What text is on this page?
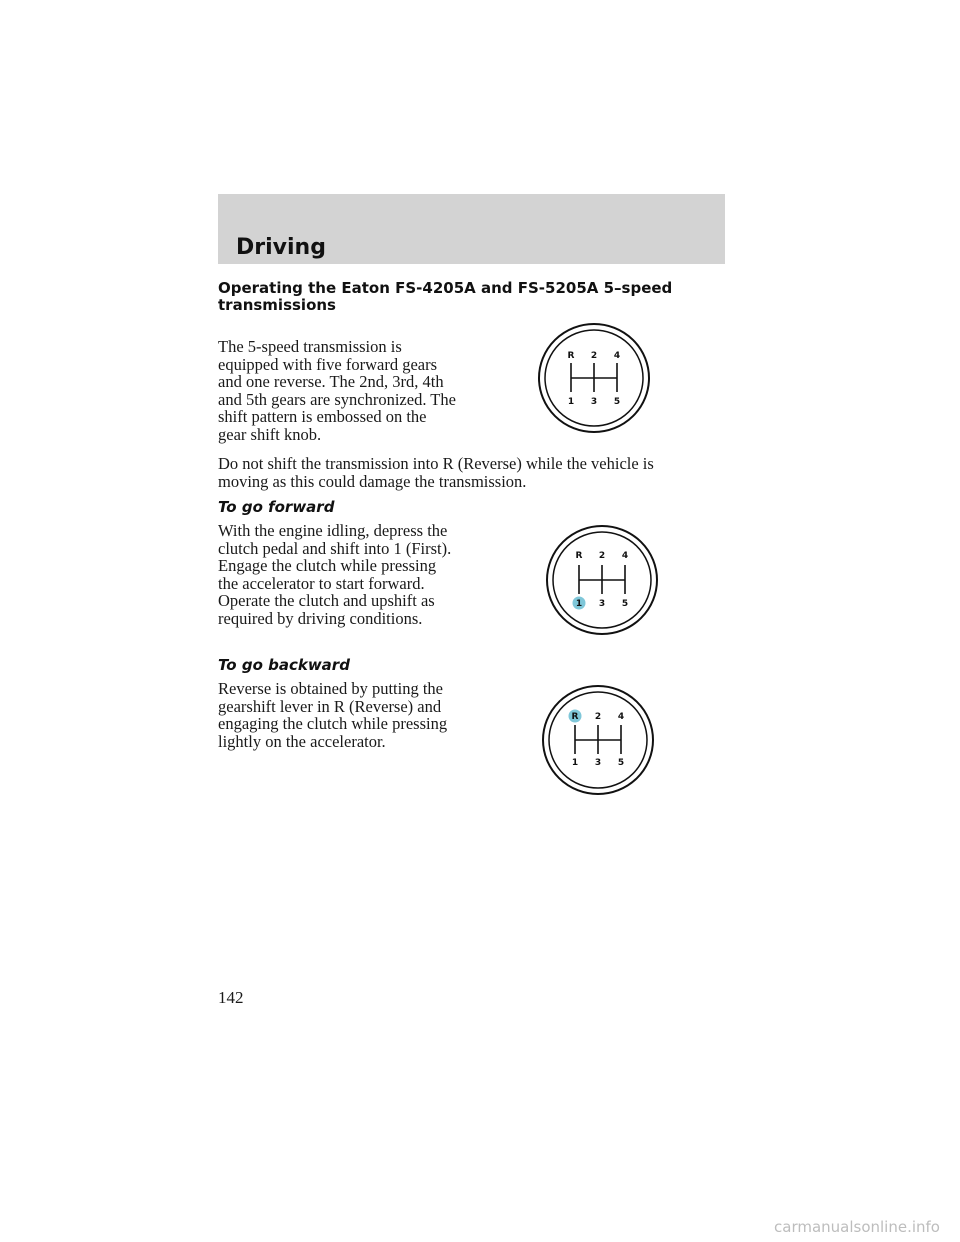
Driving
Operating the Eaton FS-4205A and FS-5205A 5–speed
transmissions
The 5-speed transmission is
equipped with five forward gears
and one reverse. The 2nd, 3rd, 4th
and 5th gears are synchronized. The
shift pattern is embossed on the
gear shift knob.
R 2 4
1 3 5
Do not shift the transmission into R (Reverse) while the vehicle is
moving as this could damage the transmission.
To go forward
With the engine idling, depress the
clutch pedal and shift into 1 (First).
Engage the clutch while pressing
the accelerator to start forward.
Operate the clutch and upshift as
required by driving conditions.
R 2 4
1 3 5
To go backward
Reverse is obtained by putting the
gearshift lever in R (Reverse) and
engaging the clutch while pressing
lightly on the accelerator.
R 2 4
1 3 5
142
carmanualsonline.info
